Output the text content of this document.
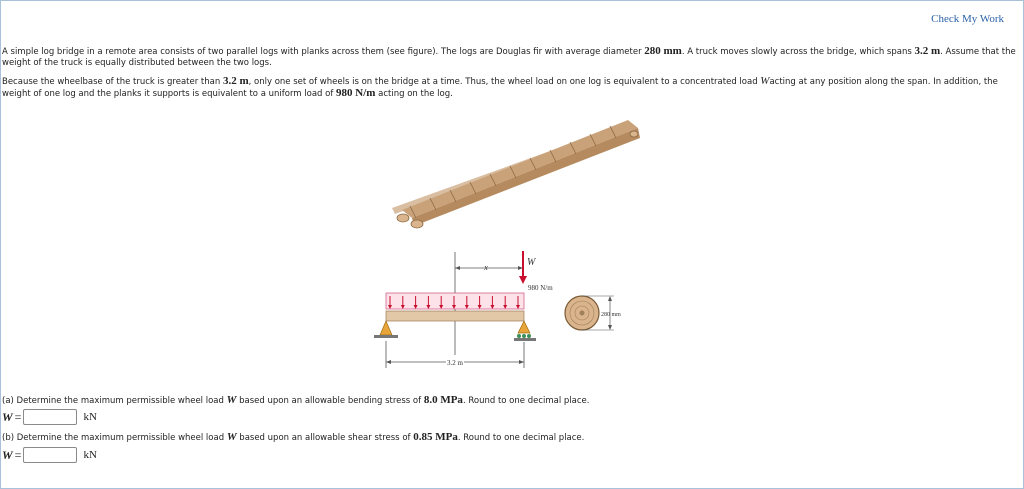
Check My Work
A simple log bridge in a remote area consists of two parallel logs with planks across them (see figure). The logs are Douglas fir with average diameter 280 mm. A truck moves slowly across the bridge, which spans 3.2 m. Assume that the weight of the truck is equally distributed between the two logs.
Because the wheelbase of the truck is greater than 3.2 m, only one set of wheels is on the bridge at a time. Thus, the wheel load on one log is equivalent to a concentrated load Wacting at any position along the span. In addition, the weight of one log and the planks it supports is equivalent to a uniform load of 980 N/m acting on the log.
x	W
980 N/m
3.2 m
280 mm
(a) Determine the maximum permissible wheel load W based upon an allowable bending stress of 8.0 MPa. Round to one decimal place.
W =	kN
(b) Determine the maximum permissible wheel load W based upon an allowable shear stress of 0.85 MPa. Round to one decimal place.
W =	kN
